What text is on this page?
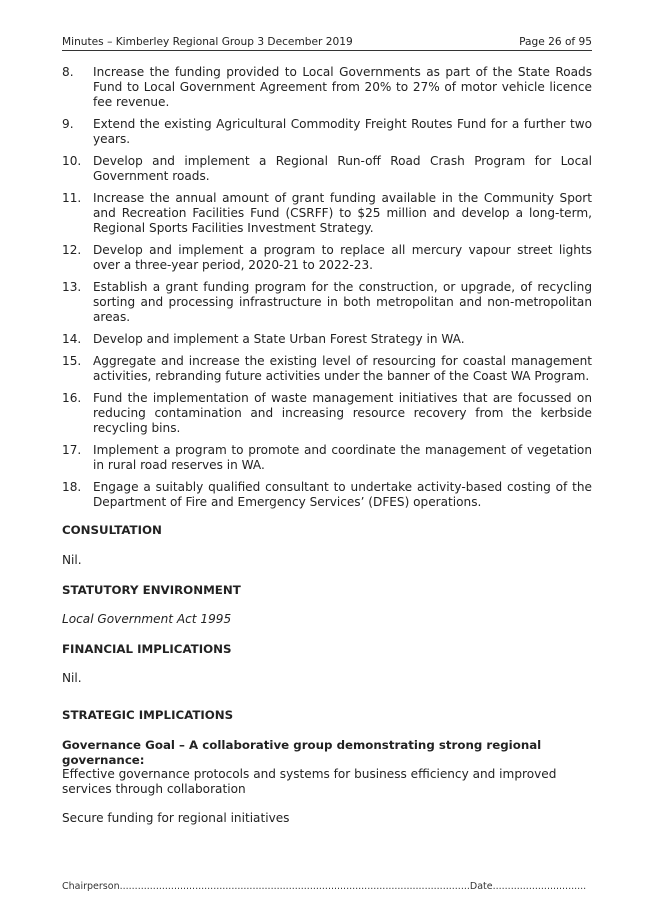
Minutes – Kimberley Regional Group 3 December 2019	Page 26 of 95
8.	Increase the funding provided to Local Governments as part of the State Roads Fund to Local Government Agreement from 20% to 27% of motor vehicle licence fee revenue.
9.	Extend the existing Agricultural Commodity Freight Routes Fund for a further two years.
10. Develop and implement a Regional Run-off Road Crash Program for Local Government roads.
11. Increase the annual amount of grant funding available in the Community Sport and Recreation Facilities Fund (CSRFF) to $25 million and develop a long-term, Regional Sports Facilities Investment Strategy.
12. Develop and implement a program to replace all mercury vapour street lights over a three-year period, 2020-21 to 2022-23.
13. Establish a grant funding program for the construction, or upgrade, of recycling sorting and processing infrastructure in both metropolitan and non-metropolitan areas.
14. Develop and implement a State Urban Forest Strategy in WA.
15. Aggregate and increase the existing level of resourcing for coastal management activities, rebranding future activities under the banner of the Coast WA Program.
16. Fund the implementation of waste management initiatives that are focussed on reducing contamination and increasing resource recovery from the kerbside recycling bins.
17. Implement a program to promote and coordinate the management of vegetation in rural road reserves in WA.
18. Engage a suitably qualified consultant to undertake activity-based costing of the Department of Fire and Emergency Services’ (DFES) operations.
CONSULTATION
Nil.
STATUTORY ENVIRONMENT
Local Government Act 1995
FINANCIAL IMPLICATIONS
Nil.
STRATEGIC IMPLICATIONS
Governance Goal – A collaborative group demonstrating strong regional governance:
Effective governance protocols and systems for business efficiency and improved services through collaboration
Secure funding for regional initiatives
Chairperson....................................................................................................................Date...............................
